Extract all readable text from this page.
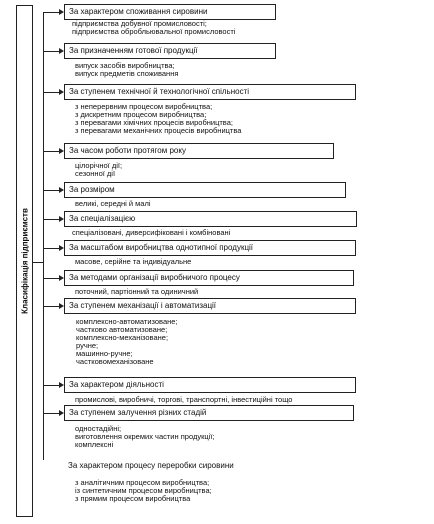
Класифікація підприємств
За характером споживання сировини
підприємства добувної промисловості;
підприємства обробльювальної промисловості
За призначенням готової продукції
випуск засобів виробництва;
випуск предметів споживання
За ступенем технічної й технологічної спільності
з неперервним процесом виробництва;
з дискретним процесом виробництва;
з перевагами хімічних процесів виробництва;
з перевагами механічних процесів виробництва
За часом роботи протягом року
цілорічної дії;
сезонної дії
За розміром
великі, середні й малі
За спеціалізацією
спеціалізовані, диверсифіковані і комбіновані
За масштабом виробництва однотипної продукції
масове, серійне та індивідуальне
За методами організації виробничого процесу
поточний, партіонний та одиничний
За ступенем механізації і автоматизації
комплексно-автоматизоване;
частково автоматизоване;
комплексно-механізоване;
ручне;
машинно-ручне;
частковомеханізоване
За характером діяльності
промислові, виробничі, торгові, транспортні, інвестиційні тощо
За ступенем залучення різних стадій
одностадійні;
виготовлення окремих частин продукції;
комплексні
За характером процесу переробки сировини
з аналітичним процесом виробництва;
із синтетичним процесом виробництва;
з прямим процесом виробництва
